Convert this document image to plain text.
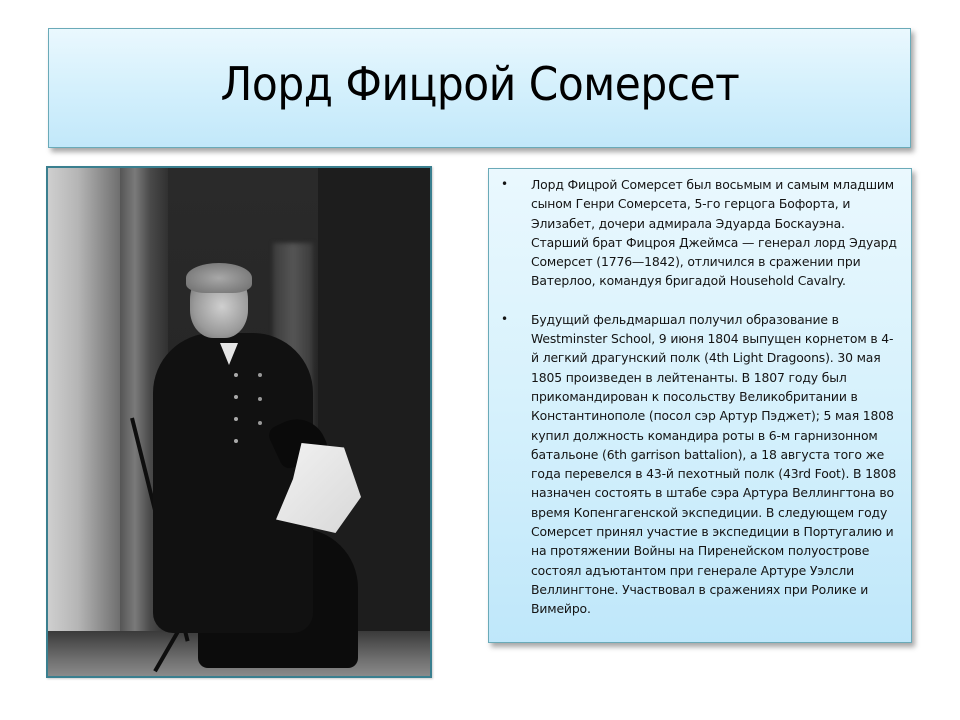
Лорд Фицрой Сомерсет
• Лорд Фицрой Сомерсет был восьмым и самым младшим сыном Генри Сомерсета, 5-го герцога Бофорта, и Элизабет, дочери адмирала Эдуарда Боскауэна. Старший брат Фицроя Джеймса — генерал лорд Эдуард Сомерсет (1776—1842), отличился в сражении при Ватерлоо, командуя бригадой Household Cavalry.
• Будущий фельдмаршал получил образование в Westminster School, 9 июня 1804 выпущен корнетом в 4-й легкий драгунский полк (4th Light Dragoons). 30 мая 1805 произведен в лейтенанты. В 1807 году был прикомандирован к посольству Великобритании в Константинополе (посол сэр Артур Пэджет); 5 мая 1808 купил должность командира роты в 6-м гарнизонном батальоне (6th garrison battalion), а 18 августа того же года перевелся в 43-й пехотный полк (43rd Foot). В 1808 назначен состоять в штабе сэра Артура Веллингтона во время Копенгагенской экспедиции. В следующем году Сомерсет принял участие в экспедиции в Португалию и на протяжении Войны на Пиренейском полуострове состоял адъютантом при генерале Артуре Уэлсли Веллингтоне. Участвовал в сражениях при Ролике и Вимейро.
